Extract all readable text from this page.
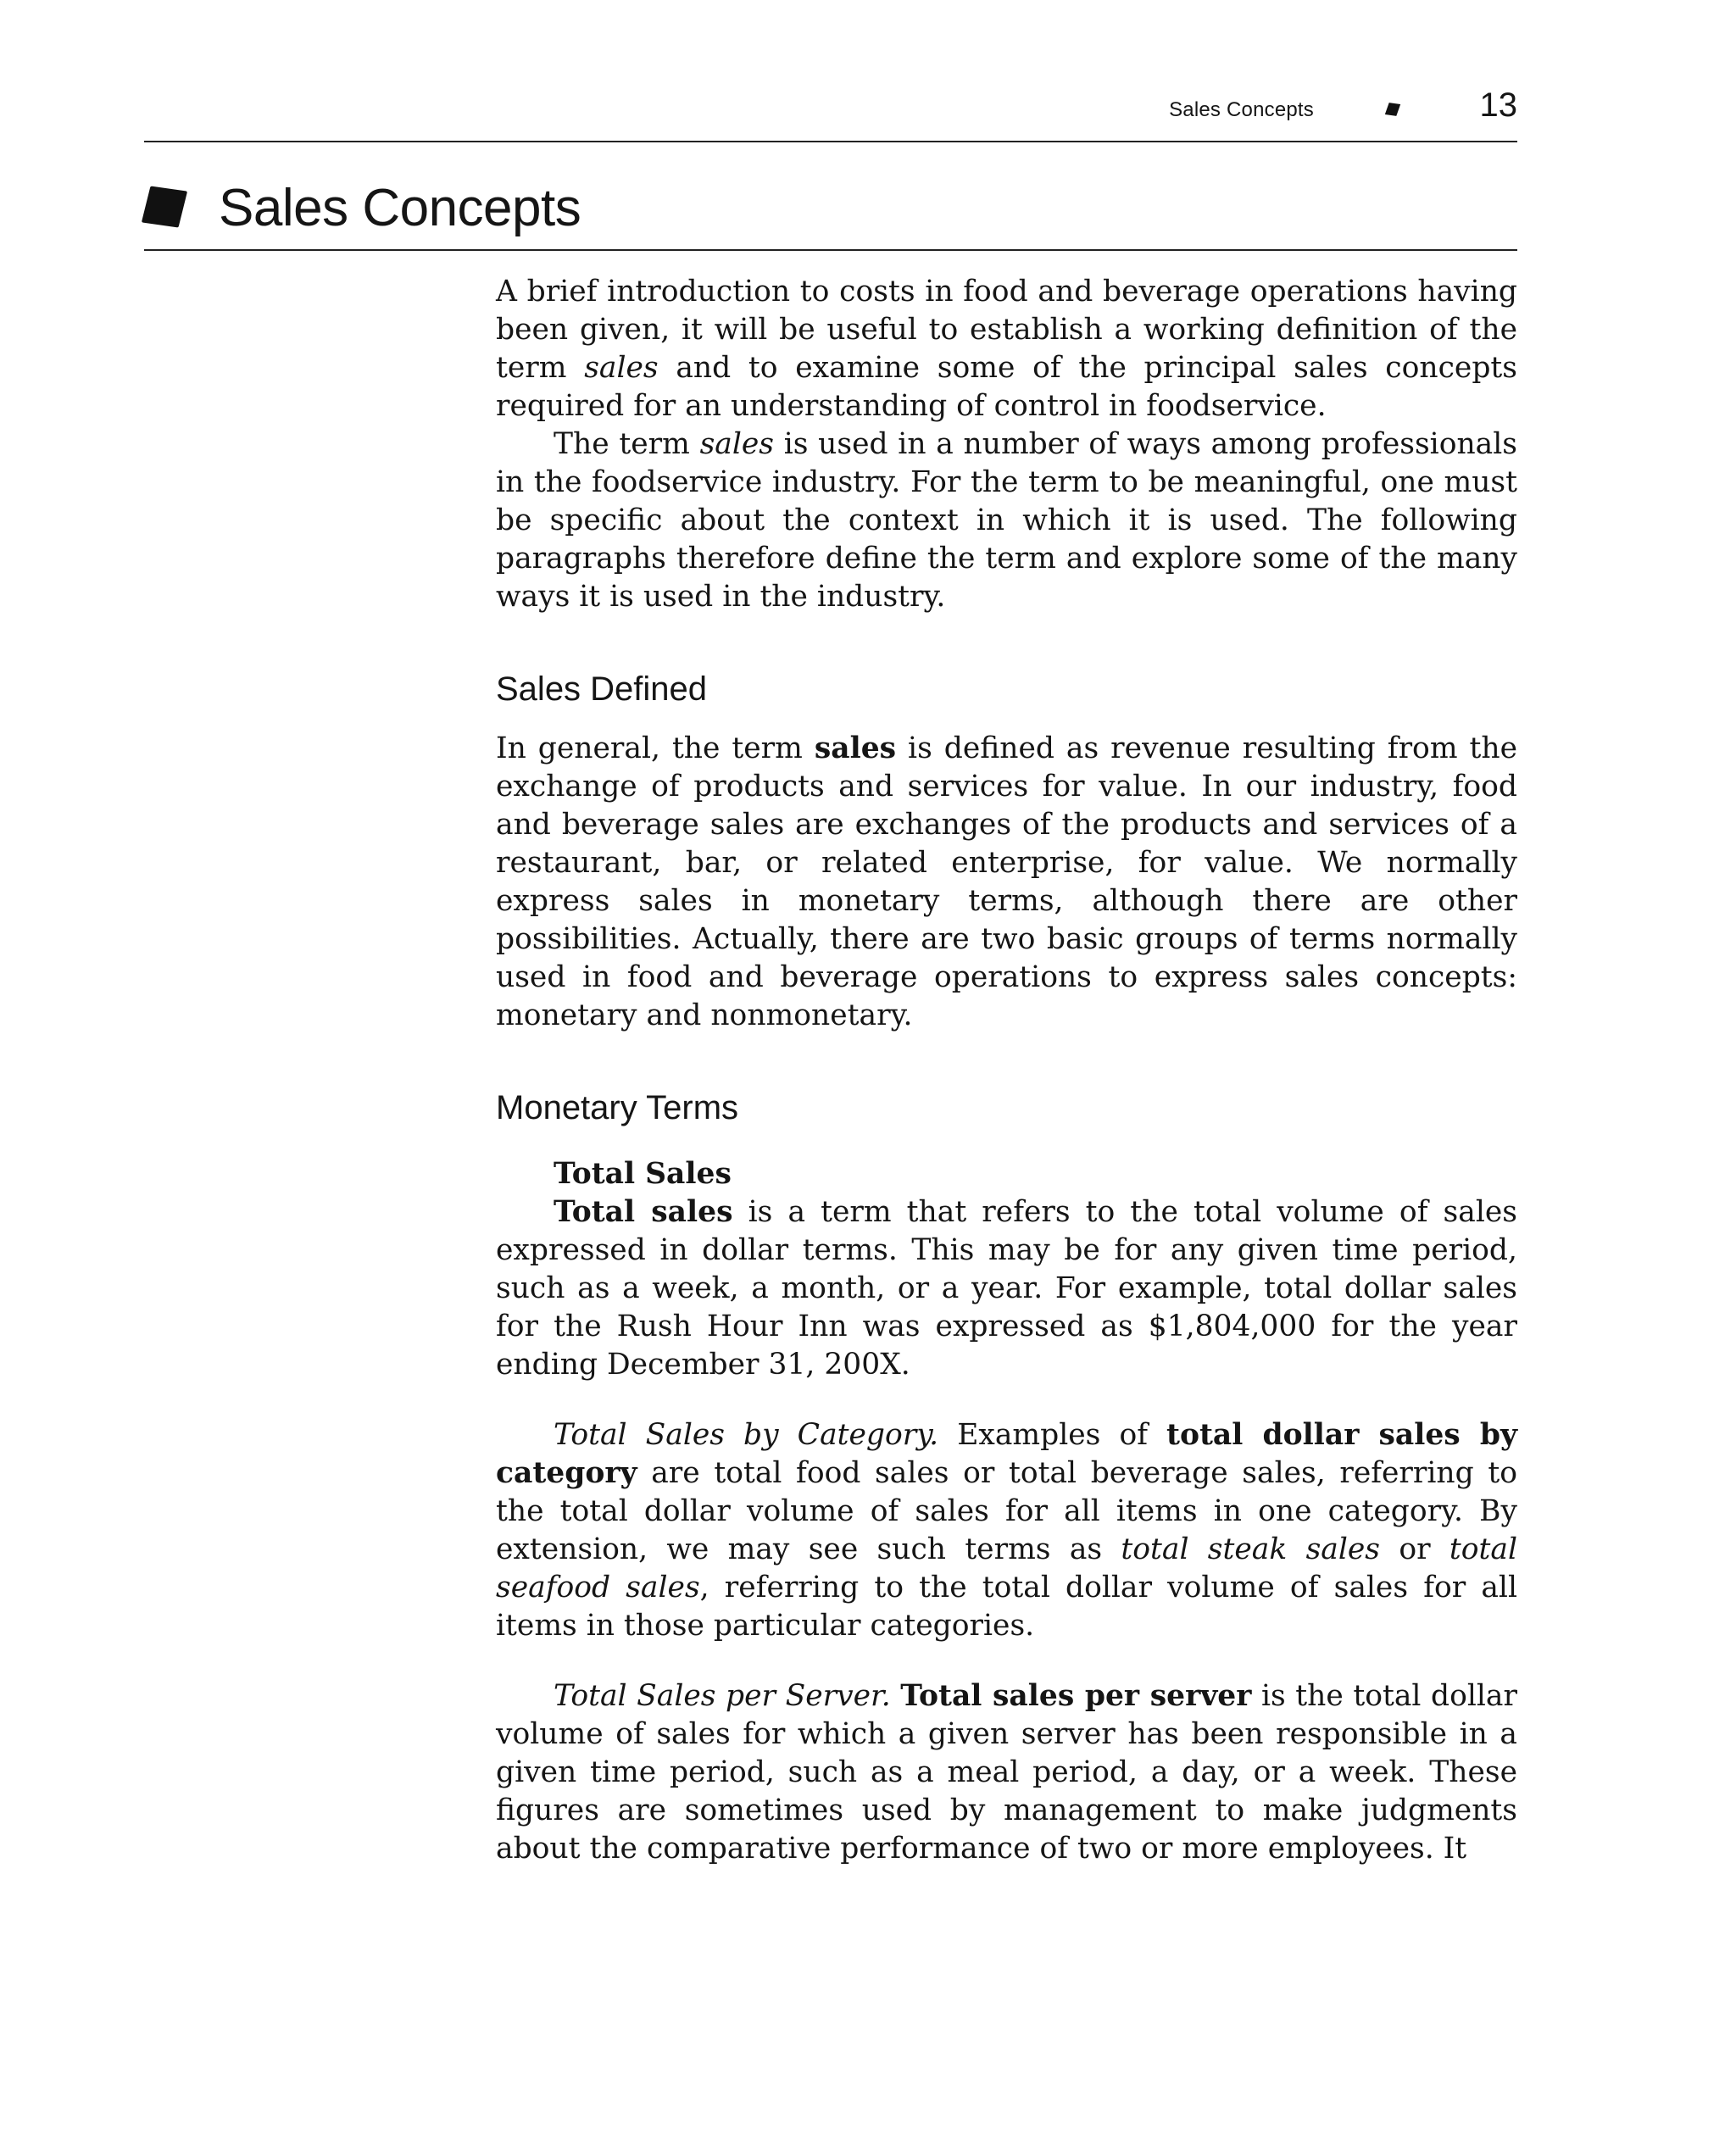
Sales Concepts	13
Sales Concepts

A brief introduction to costs in food and beverage operations having been given, it will be useful to establish a working definition of the term sales and to examine some of the principal sales concepts required for an understanding of control in foodservice.

The term sales is used in a number of ways among professionals in the foodservice industry. For the term to be meaningful, one must be specific about the context in which it is used. The following paragraphs therefore define the term and explore some of the many ways it is used in the industry.

Sales Defined

In general, the term sales is defined as revenue resulting from the exchange of products and services for value. In our industry, food and beverage sales are exchanges of the products and services of a restaurant, bar, or related enterprise, for value. We normally express sales in monetary terms, although there are other possibilities. Actually, there are two basic groups of terms normally used in food and beverage operations to express sales concepts: monetary and nonmonetary.

Monetary Terms

Total Sales

Total sales is a term that refers to the total volume of sales expressed in dollar terms. This may be for any given time period, such as a week, a month, or a year. For example, total dollar sales for the Rush Hour Inn was expressed as $1,804,000 for the year ending December 31, 200X.

Total Sales by Category. Examples of total dollar sales by category are total food sales or total beverage sales, referring to the total dollar volume of sales for all items in one category. By extension, we may see such terms as total steak sales or total seafood sales, referring to the total dollar volume of sales for all items in those particular categories.

Total Sales per Server. Total sales per server is the total dollar volume of sales for which a given server has been responsible in a given time period, such as a meal period, a day, or a week. These figures are sometimes used by management to make judgments about the comparative performance of two or more employees. It
